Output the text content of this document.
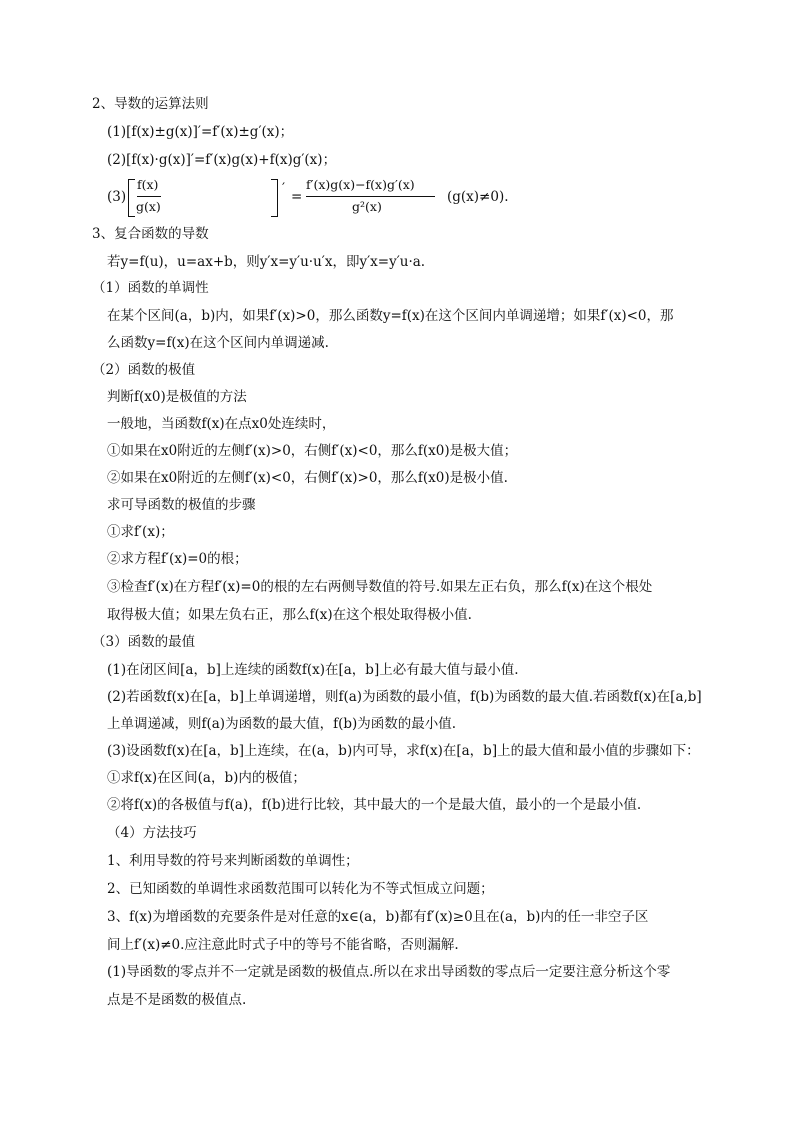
2、导数的运算法则
(1)[f(x)±g(x)]′=f′(x)±g′(x)；
(2)[f(x)·g(x)]′=f′(x)g(x)+f(x)g′(x)；
(3)
f(x)
g(x)
′ =
f′(x)g(x)−f(x)g′(x)
g²(x)
(g(x)≠0).
3、复合函数的导数
若y=f(u)，u=ax+b，则y′x=y′u·u′x，即y′x=y′u·a.
（1）函数的单调性
在某个区间(a，b)内，如果f′(x)>0，那么函数y=f(x)在这个区间内单调递增；如果f′(x)<0，那
么函数y=f(x)在这个区间内单调递减.
（2）函数的极值
判断f(x0)是极值的方法
一般地，当函数f(x)在点x0处连续时，
①如果在x0附近的左侧f′(x)>0，右侧f′(x)<0，那么f(x0)是极大值；
②如果在x0附近的左侧f′(x)<0，右侧f′(x)>0，那么f(x0)是极小值.
求可导函数的极值的步骤
①求f′(x)；
②求方程f′(x)=0的根；
③检查f′(x)在方程f′(x)=0的根的左右两侧导数值的符号.如果左正右负，那么f(x)在这个根处
取得极大值；如果左负右正，那么f(x)在这个根处取得极小值.
（3）函数的最值
(1)在闭区间[a，b]上连续的函数f(x)在[a，b]上必有最大值与最小值.
(2)若函数f(x)在[a，b]上单调递增，则f(a)为函数的最小值，f(b)为函数的最大值.若函数f(x)在[a,b]
上单调递减，则f(a)为函数的最大值，f(b)为函数的最小值.
(3)设函数f(x)在[a，b]上连续，在(a，b)内可导，求f(x)在[a，b]上的最大值和最小值的步骤如下：
①求f(x)在区间(a，b)内的极值；
②将f(x)的各极值与f(a)，f(b)进行比较，其中最大的一个是最大值，最小的一个是最小值.
（4）方法技巧
1、利用导数的符号来判断函数的单调性；
2、已知函数的单调性求函数范围可以转化为不等式恒成立问题；
3、f(x)为增函数的充要条件是对任意的x∈(a，b)都有f′(x)≥0且在(a，b)内的任一非空子区
间上f′(x)≠0.应注意此时式子中的等号不能省略，否则漏解.
(1)导函数的零点并不一定就是函数的极值点.所以在求出导函数的零点后一定要注意分析这个零
点是不是函数的极值点.
